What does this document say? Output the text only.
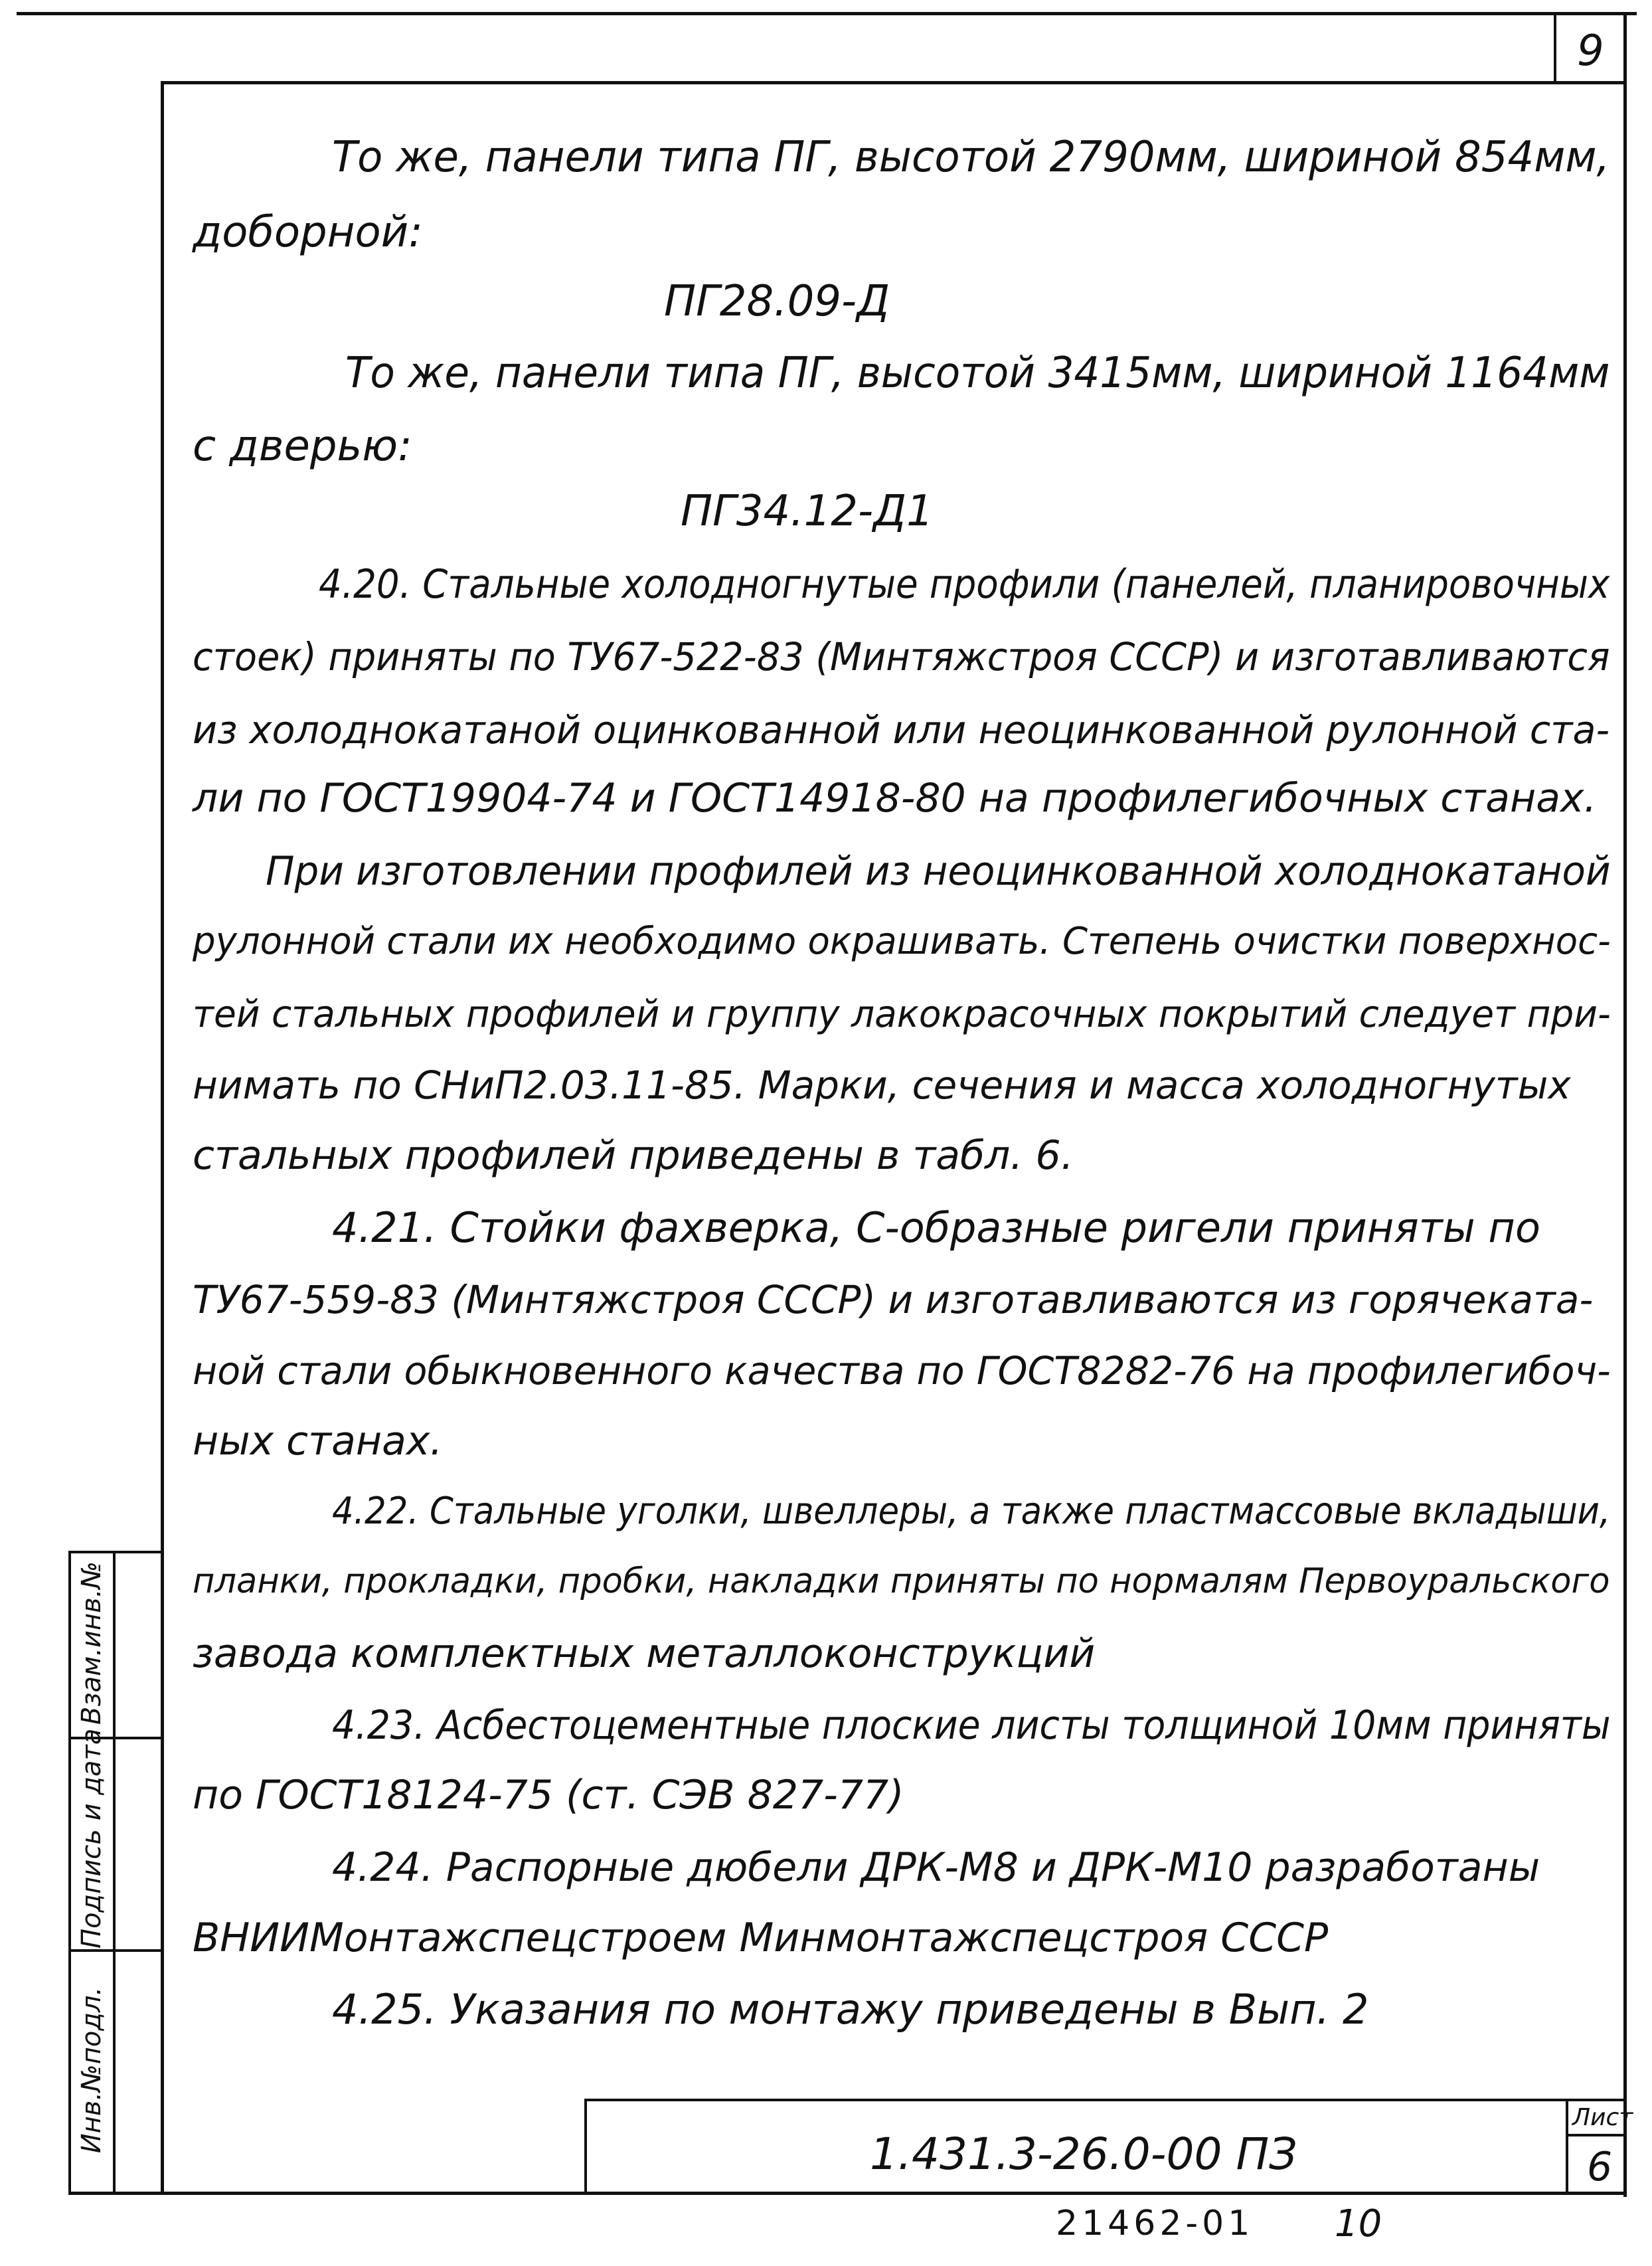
9
Взам.инв.№
Подпись и дата
Инв.№подл.
1.431.3-26.0-00 ПЗ
Лист
6
21462-01 10
То же, панели типа ПГ, высотой 2790мм, шириной 854мм,
доборной:
ПГ28.09-Д
То же, панели типа ПГ, высотой 3415мм, шириной 1164мм
с дверью:
ПГ34.12-Д1
4.20. Стальные холодногнутые профили (панелей, планировочных
стоек) приняты по ТУ67-522-83 (Минтяжстроя СССР) и изготавливаются
из холоднокатаной оцинкованной или неоцинкованной рулонной ста-
ли по ГОСТ19904-74 и ГОСТ14918-80 на профилегибочных станах.
При изготовлении профилей из неоцинкованной холоднокатаной
рулонной стали их необходимо окрашивать. Степень очистки поверхнос-
тей стальных профилей и группу лакокрасочных покрытий следует при-
нимать по СНиП2.03.11-85. Марки, сечения и масса холодногнутых
стальных профилей приведены в табл. 6.
4.21. Стойки фахверка, С-образные ригели приняты по
ТУ67-559-83 (Минтяжстроя СССР) и изготавливаются из горячеката-
ной стали обыкновенного качества по ГОСТ8282-76 на профилегибоч-
ных станах.
4.22. Стальные уголки, швеллеры, а также пластмассовые вкладыши,
планки, прокладки, пробки, накладки приняты по нормалям Первоуральского
завода комплектных металлоконструкций
4.23. Асбестоцементные плоские листы толщиной 10мм приняты
по ГОСТ18124-75 (ст. СЭВ 827-77)
4.24. Распорные дюбели ДРК-М8 и ДРК-М10 разработаны
ВНИИМонтажспецстроем Минмонтажспецстроя СССР
4.25. Указания по монтажу приведены в Вып. 2
